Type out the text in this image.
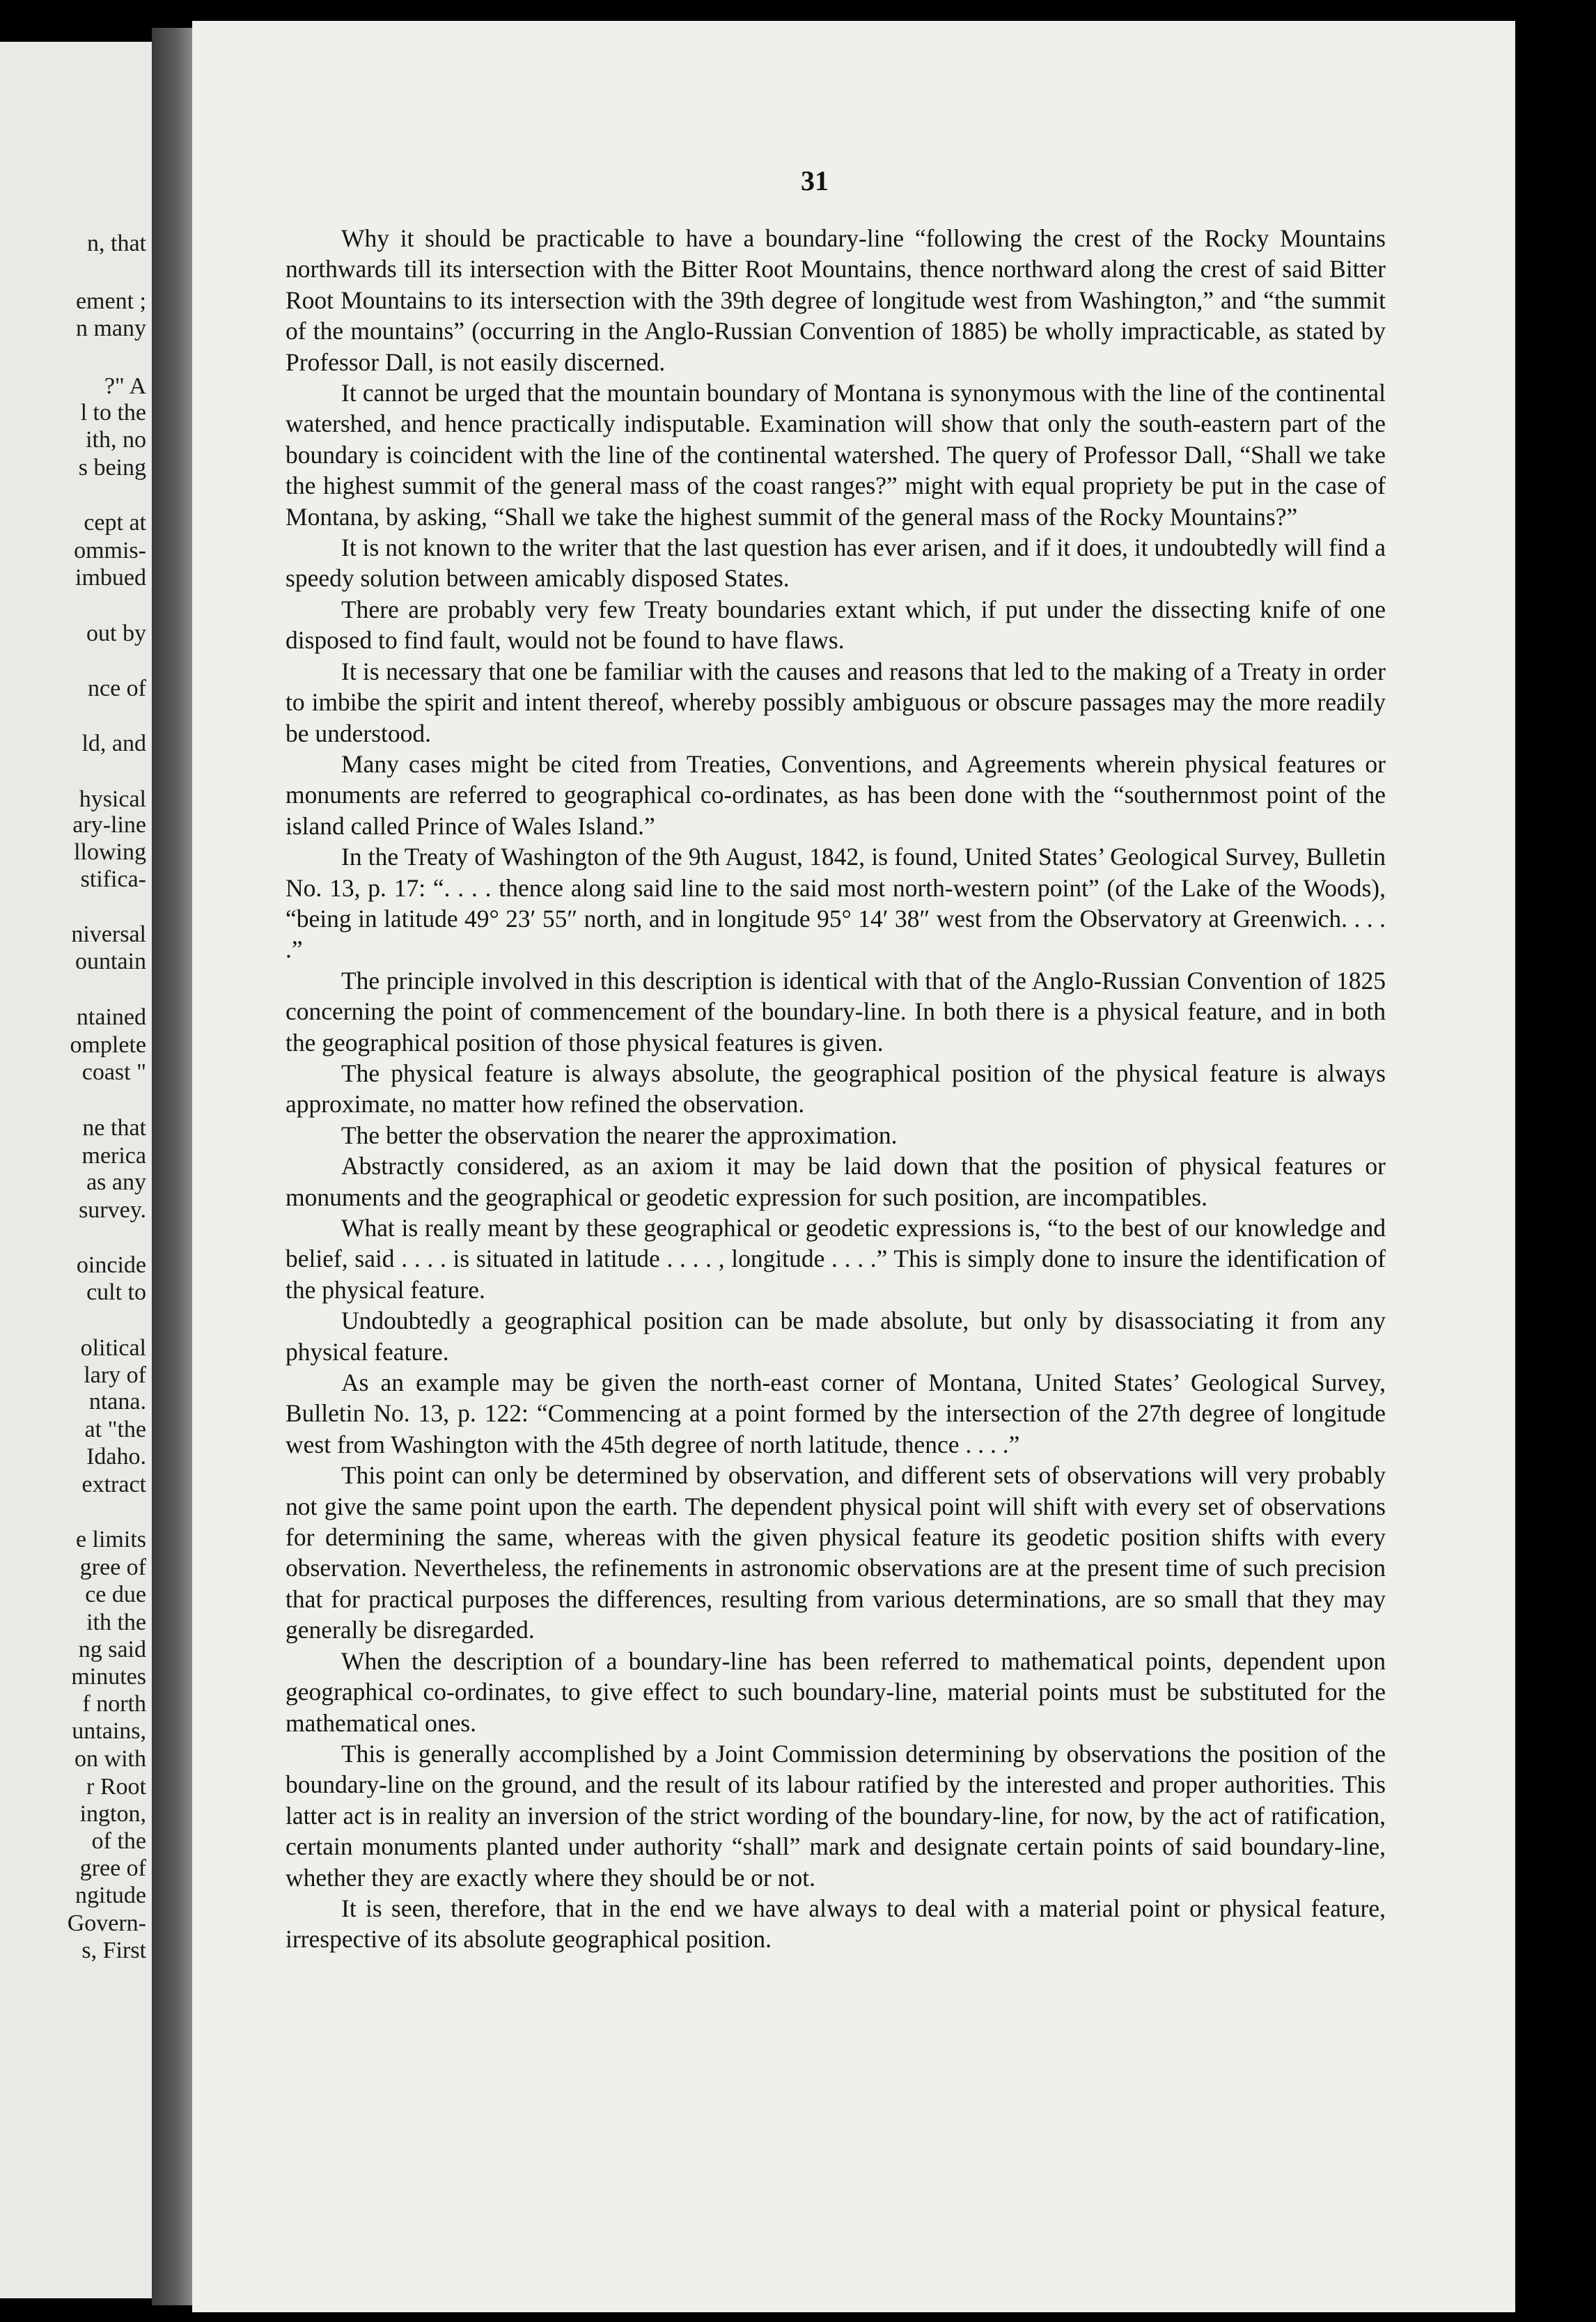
n, that
ement ;
n many
?" A
l to the
ith, no
s being
cept at
ommis-
imbued
out by
nce of
ld, and
hysical
ary-line
llowing
stifica-
niversal
ountain
ntained
omplete
coast "
ne that
merica
as any
survey.
oincide
cult to
olitical
lary of
ntana.
at "the
Idaho.
extract
e limits
gree of
ce due
ith the
ng said
minutes
f north
untains,
on with
r Root
ington,
of the
gree of
ngitude
Govern-
s, First
31

Why it should be practicable to have a boundary-line “following the crest of the Rocky Mountains northwards till its intersection with the Bitter Root Mountains, thence northward along the crest of said Bitter Root Mountains to its intersection with the 39th degree of longitude west from Washington,” and “the summit of the mountains” (occurring in the Anglo-Russian Convention of 1885) be wholly impracticable, as stated by Professor Dall, is not easily discerned.

It cannot be urged that the mountain boundary of Montana is synonymous with the line of the continental watershed, and hence practically indisputable. Examination will show that only the south-eastern part of the boundary is coincident with the line of the continental watershed. The query of Professor Dall, “Shall we take the highest summit of the general mass of the coast ranges?” might with equal propriety be put in the case of Montana, by asking, “Shall we take the highest summit of the general mass of the Rocky Mountains?”

It is not known to the writer that the last question has ever arisen, and if it does, it undoubtedly will find a speedy solution between amicably disposed States.

There are probably very few Treaty boundaries extant which, if put under the dissecting knife of one disposed to find fault, would not be found to have flaws.

It is necessary that one be familiar with the causes and reasons that led to the making of a Treaty in order to imbibe the spirit and intent thereof, whereby possibly ambiguous or obscure passages may the more readily be understood.

Many cases might be cited from Treaties, Conventions, and Agreements wherein physical features or monuments are referred to geographical co-ordinates, as has been done with the “southernmost point of the island called Prince of Wales Island.”

In the Treaty of Washington of the 9th August, 1842, is found, United States’ Geological Survey, Bulletin No. 13, p. 17: “. . . . thence along said line to the said most north-western point” (of the Lake of the Woods), “being in latitude 49° 23′ 55″ north, and in longitude 95° 14′ 38″ west from the Observatory at Greenwich. . . . .”

The principle involved in this description is identical with that of the Anglo-Russian Convention of 1825 concerning the point of commencement of the boundary-line. In both there is a physical feature, and in both the geographical position of those physical features is given.

The physical feature is always absolute, the geographical position of the physical feature is always approximate, no matter how refined the observation.

The better the observation the nearer the approximation.

Abstractly considered, as an axiom it may be laid down that the position of physical features or monuments and the geographical or geodetic expression for such position, are incompatibles.

What is really meant by these geographical or geodetic expressions is, “to the best of our knowledge and belief, said . . . . is situated in latitude . . . . , longitude . . . .” This is simply done to insure the identification of the physical feature.

Undoubtedly a geographical position can be made absolute, but only by disassociating it from any physical feature.

As an example may be given the north-east corner of Montana, United States’ Geological Survey, Bulletin No. 13, p. 122: “Commencing at a point formed by the intersection of the 27th degree of longitude west from Washington with the 45th degree of north latitude, thence . . . .”

This point can only be determined by observation, and different sets of observations will very probably not give the same point upon the earth. The dependent physical point will shift with every set of observations for determining the same, whereas with the given physical feature its geodetic position shifts with every observation. Nevertheless, the refinements in astronomic observations are at the present time of such precision that for practical purposes the differences, resulting from various determinations, are so small that they may generally be disregarded.

When the description of a boundary-line has been referred to mathematical points, dependent upon geographical co-ordinates, to give effect to such boundary-line, material points must be substituted for the mathematical ones.

This is generally accomplished by a Joint Commission determining by observations the position of the boundary-line on the ground, and the result of its labour ratified by the interested and proper authorities. This latter act is in reality an inversion of the strict wording of the boundary-line, for now, by the act of ratification, certain monuments planted under authority “shall” mark and designate certain points of said boundary-line, whether they are exactly where they should be or not.

It is seen, therefore, that in the end we have always to deal with a material point or physical feature, irrespective of its absolute geographical position.
